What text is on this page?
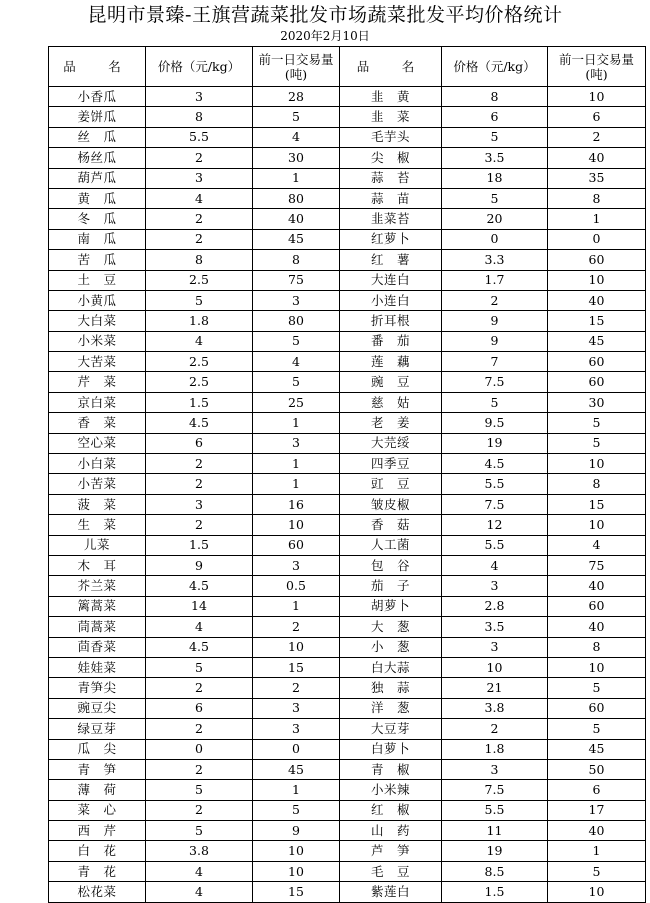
昆明市景臻-王旗营蔬菜批发市场蔬菜批发平均价格统计
2020年2月10日
品　名	价格（元/kg）	前一日交易量(吨)	品　名	价格（元/kg）	前一日交易量(吨)
小香瓜	3	28	韭　黄	8	10
姜饼瓜	8	5	韭　菜	6	6
丝　瓜	5.5	4	毛芋头	5	2
杨丝瓜	2	30	尖　椒	3.5	40
葫芦瓜	3	1	蒜　苔	18	35
黄　瓜	4	80	蒜　苗	5	8
冬　瓜	2	40	韭菜苔	20	1
南　瓜	2	45	红萝卜	0	0
苦　瓜	8	8	红　薯	3.3	60
土　豆	2.5	75	大连白	1.7	10
小黄瓜	5	3	小连白	2	40
大白菜	1.8	80	折耳根	9	15
小米菜	4	5	番　茄	9	45
大苦菜	2.5	4	莲　藕	7	60
芹　菜	2.5	5	豌　豆	7.5	60
京白菜	1.5	25	慈　姑	5	30
香　菜	4.5	1	老　姜	9.5	5
空心菜	6	3	大芫绥	19	5
小白菜	2	1	四季豆	4.5	10
小苦菜	2	1	豇　豆	5.5	8
菠　菜	3	16	皱皮椒	7.5	15
生　菜	2	10	香　菇	12	10
儿菜	1.5	60	人工菌	5.5	4
木　耳	9	3	包　谷	4	75
芥兰菜	4.5	0.5	茄　子	3	40
篱蒿菜	14	1	胡萝卜	2.8	60
茼蒿菜	4	2	大　葱	3.5	40
茴香菜	4.5	10	小　葱	3	8
娃娃菜	5	15	白大蒜	10	10
青笋尖	2	2	独　蒜	21	5
豌豆尖	6	3	洋　葱	3.8	60
绿豆芽	2	3	大豆芽	2	5
瓜　尖	0	0	白萝卜	1.8	45
青　笋	2	45	青　椒	3	50
薄　荷	5	1	小米辣	7.5	6
菜　心	2	5	红　椒	5.5	17
西　芹	5	9	山　药	11	40
白　花	3.8	10	芦　笋	19	1
青　花	4	10	毛　豆	8.5	5
松花菜	4	15	紫莲白	1.5	10
